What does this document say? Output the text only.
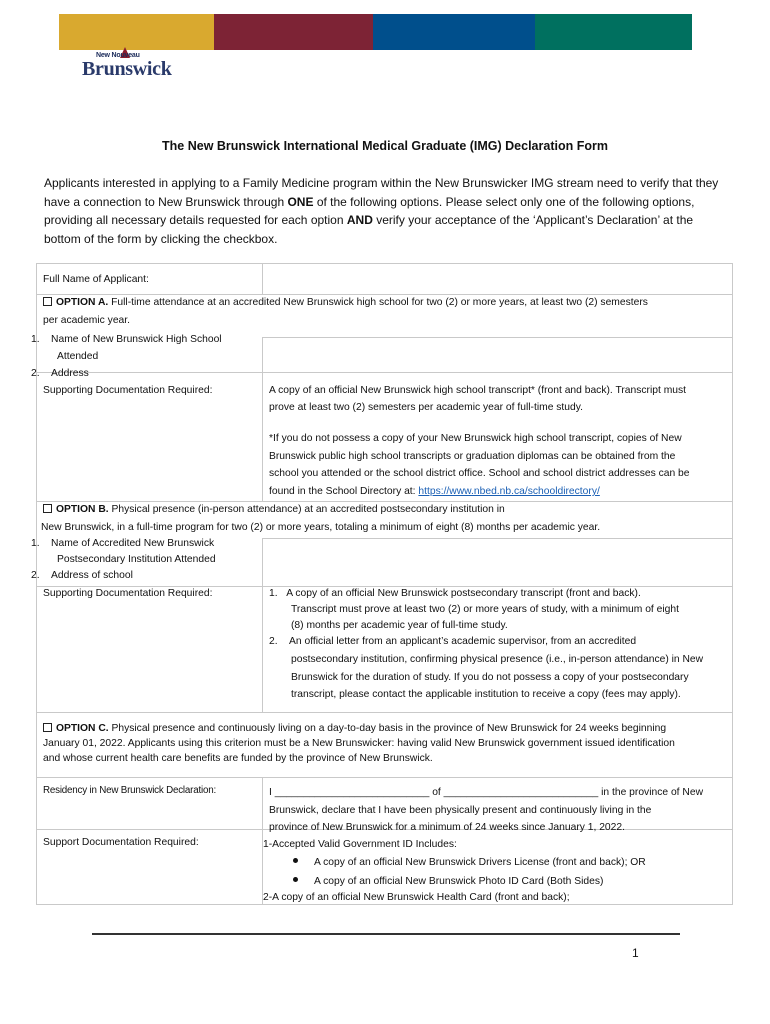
New Nouveau
Brunswick
The New Brunswick International Medical Graduate (IMG) Declaration Form
Applicants interested in applying to a Family Medicine program within the New Brunswicker IMG stream need to verify that they have a connection to New Brunswick through ONE of the following options. Please select only one of the following options, providing all necessary details requested for each option AND verify your acceptance of the ‘Applicant’s Declaration’ at the bottom of the form by clicking the checkbox.
Full Name of Applicant:
OPTION A. Full-time attendance at an accredited New Brunswick high school for two (2) or more years, at least two (2) semesters
per academic year.
1. Name of New Brunswick High School
Attended
2. Address
Supporting Documentation Required:	A copy of an official New Brunswick high school transcript* (front and back). Transcript must
prove at least two (2) semesters per academic year of full-time study.
*If you do not possess a copy of your New Brunswick high school transcript, copies of New
Brunswick public high school transcripts or graduation diplomas can be obtained from the
school you attended or the school district office. School and school district addresses can be
found in the School Directory at: https://www.nbed.nb.ca/schooldirectory/
OPTION B. Physical presence (in-person attendance) at an accredited postsecondary institution in
New Brunswick, in a full-time program for two (2) or more years, totaling a minimum of eight (8) months per academic year.
1. Name of Accredited New Brunswick
Postsecondary Institution Attended
2. Address of school
Supporting Documentation Required:	1. A copy of an official New Brunswick postsecondary transcript (front and back).
Transcript must prove at least two (2) or more years of study, with a minimum of eight
(8) months per academic year of full-time study.
2. An official letter from an applicant’s academic supervisor, from an accredited
postsecondary institution, confirming physical presence (i.e., in-person attendance) in New
Brunswick for the duration of study. If you do not possess a copy of your postsecondary
transcript, please contact the applicable institution to receive a copy (fees may apply).
OPTION C. Physical presence and continuously living on a day-to-day basis in the province of New Brunswick for 24 weeks beginning
January 01, 2022. Applicants using this criterion must be a New Brunswicker: having valid New Brunswick government issued identification
and whose current health care benefits are funded by the province of New Brunswick.
Residency in New Brunswick Declaration:	I ___________________________ of ___________________________ in the province of New
Brunswick, declare that I have been physically present and continuously living in the
province of New Brunswick for a minimum of 24 weeks since January 1, 2022.
Support Documentation Required:	1-Accepted Valid Government ID Includes:
A copy of an official New Brunswick Drivers License (front and back); OR
A copy of an official New Brunswick Photo ID Card (Both Sides)
2-A copy of an official New Brunswick Health Card (front and back);
1
